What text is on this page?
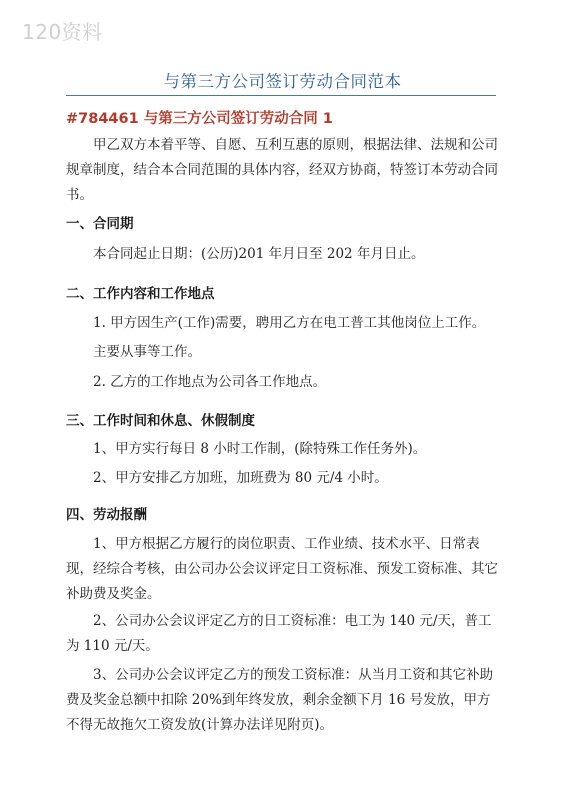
120资料
与第三方公司签订劳动合同范本
#784461 与第三方公司签订劳动合同 1

甲乙双方本着平等、自愿、互利互惠的原则，根据法律、法规和公司规章制度，结合本合同范围的具体内容，经双方协商，特签订本劳动合同书。

一、合同期

本合同起止日期：(公历)201 年月日至 202 年月日止。

二、工作内容和工作地点

1. 甲方因生产(工作)需要，聘用乙方在电工普工其他岗位上工作。

主要从事等工作。

2. 乙方的工作地点为公司各工作地点。

三、工作时间和休息、休假制度

1、甲方实行每日 8 小时工作制，(除特殊工作任务外)。

2、甲方安排乙方加班，加班费为 80 元/4 小时。

四、劳动报酬

1、甲方根据乙方履行的岗位职责、工作业绩、技术水平、日常表现，经综合考核，由公司办公会议评定日工资标准、预发工资标准、其它补助费及奖金。

2、公司办公会议评定乙方的日工资标准：电工为 140 元/天，普工为 110 元/天。

3、公司办公会议评定乙方的预发工资标准：从当月工资和其它补助费及奖金总额中扣除 20%到年终发放，剩余金额下月 16 号发放，甲方不得无故拖欠工资发放(计算办法详见附页)。
